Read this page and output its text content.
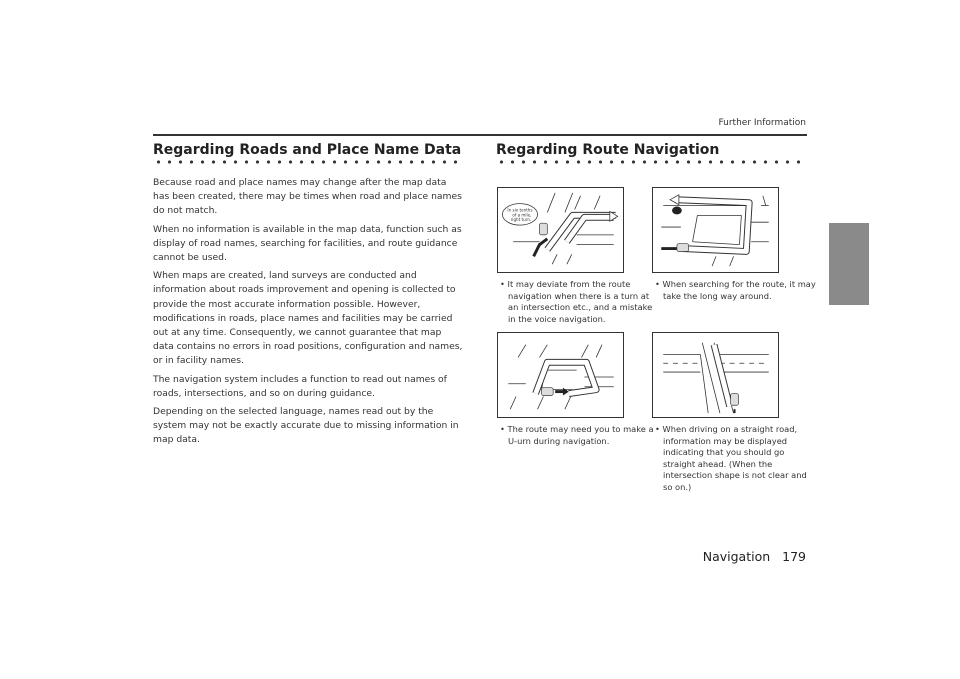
Further Information
Regarding Roads and Place Name Data

Because road and place names may change after the map data has been created, there may be times when road and place names do not match.

When no information is available in the map data, function such as display of road names, searching for facilities, and route guidance cannot be used.

When maps are created, land surveys are conducted and information about roads improvement and opening is collected to provide the most accurate information possible. However, modifications in roads, place names and facilities may be carried out at any time. Consequently, we cannot guarantee that map data contains no errors in road positions, configuration and names, or in facility names.

The navigation system includes a function to read out names of roads, intersections, and so on during guidance.

Depending on the selected language, names read out by the system may not be exactly accurate due to missing information in map data.

Regarding Route Navigation
In six tenths
of a mile,
right turn.
• It may deviate from the route navigation when there is a turn at an intersection etc., and a mistake in the voice navigation.
• When searching for the route, it may take the long way around.
• The route may need you to make a U-urn during navigation.
• When driving on a straight road, information may be displayed indicating that you should go straight ahead. (When the intersection shape is not clear and so on.)
Navigation 179
